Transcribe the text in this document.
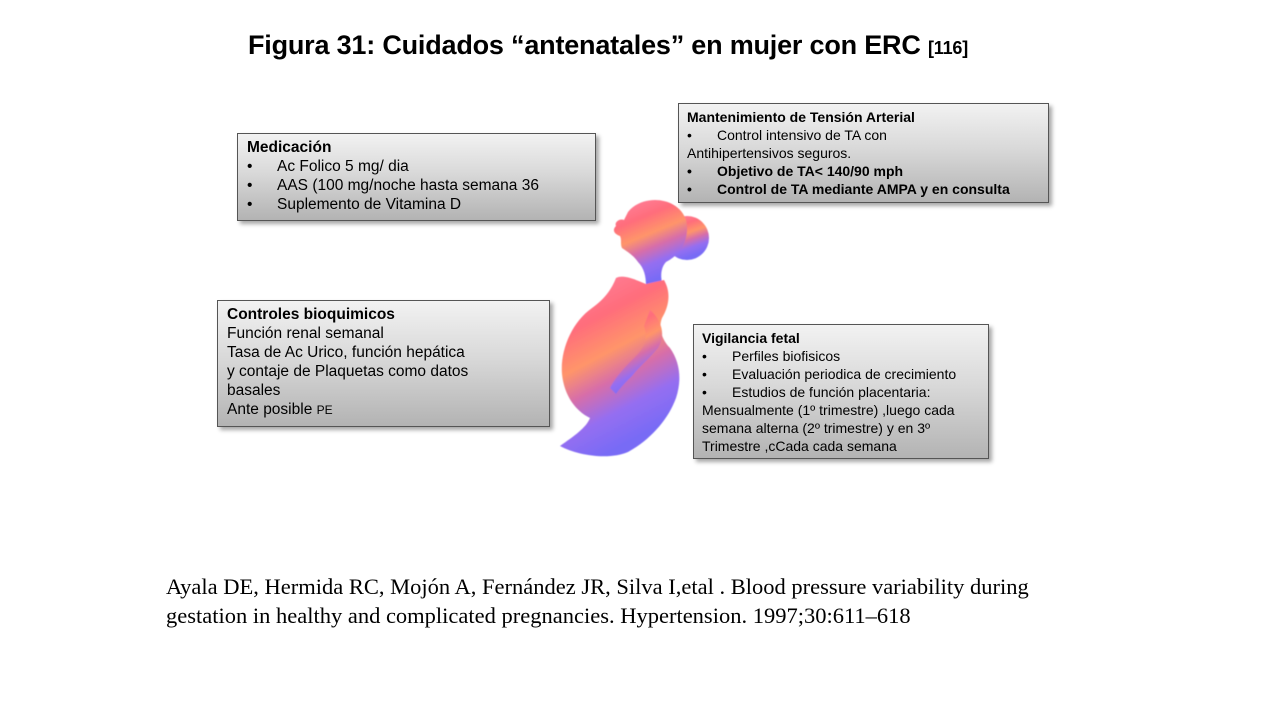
Figura 31: Cuidados “antenatales” en mujer con ERC [116]
Medicación
• Ac Folico 5 mg/ dia
• AAS (100 mg/noche hasta semana 36
• Suplemento de Vitamina D
Mantenimiento de Tensión Arterial
• Control intensivo de TA con
Antihipertensivos seguros.
• Objetivo de TA< 140/90 mph
• Control de TA mediante AMPA y en consulta
Controles bioquimicos
Función renal semanal
Tasa de Ac Urico, función hepática
y contaje de Plaquetas como datos
basales
Ante posible PE
Vigilancia fetal
• Perfiles biofisicos
• Evaluación periodica de crecimiento
• Estudios de función placentaria:
Mensualmente (1º trimestre) ,luego cada
semana alterna (2º trimestre) y en 3º
Trimestre ,cCada cada semana
Ayala DE, Hermida RC, Mojón A, Fernández JR, Silva I,etal . Blood pressure variability during
gestation in healthy and complicated pregnancies. Hypertension. 1997;30:611–618
